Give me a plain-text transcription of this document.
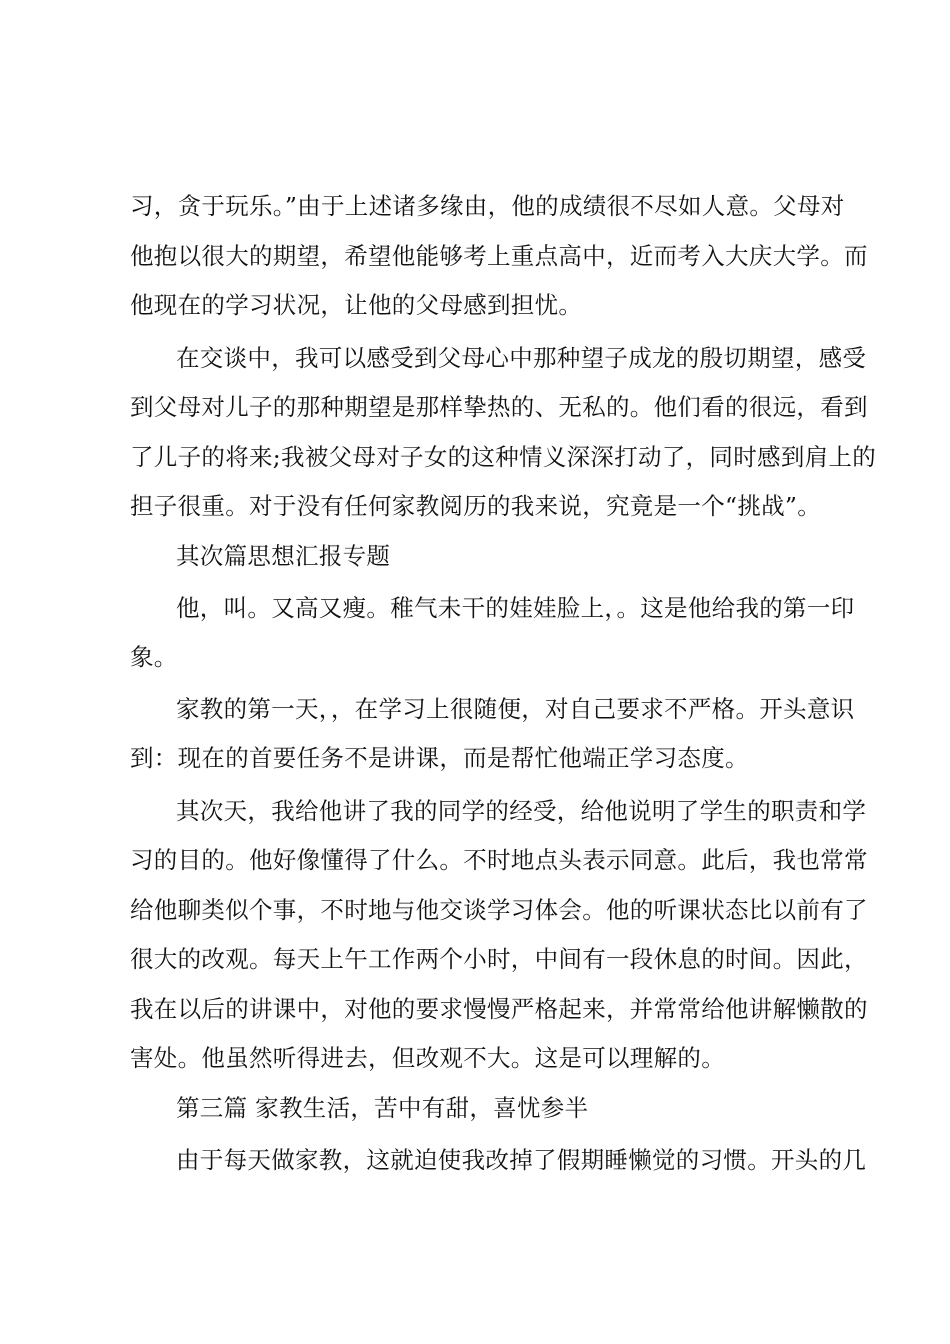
习，贪于玩乐。”由于上述诸多缘由，他的成绩很不尽如人意。父母对
他抱以很大的期望，希望他能够考上重点高中，近而考入大庆大学。而
他现在的学习状况，让他的父母感到担忧。
在交谈中，我可以感受到父母心中那种望子成龙的殷切期望，感受
到父母对儿子的那种期望是那样挚热的、无私的。他们看的很远，看到
了儿子的将来;我被父母对子女的这种情义深深打动了，同时感到肩上的
担子很重。对于没有任何家教阅历的我来说，究竟是一个“挑战”。
其次篇思想汇报专题
他，叫。又高又瘦。稚气未干的娃娃脸上，。这是他给我的第一印
象。
家教的第一天，，在学习上很随便，对自己要求不严格。开头意识
到：现在的首要任务不是讲课，而是帮忙他端正学习态度。
其次天，我给他讲了我的同学的经受，给他说明了学生的职责和学
习的目的。他好像懂得了什么。不时地点头表示同意。此后，我也常常
给他聊类似个事，不时地与他交谈学习体会。他的听课状态比以前有了
很大的改观。每天上午工作两个小时，中间有一段休息的时间。因此，
我在以后的讲课中，对他的要求慢慢严格起来，并常常给他讲解懒散的
害处。他虽然听得进去，但改观不大。这是可以理解的。
第三篇 家教生活，苦中有甜，喜忧参半
由于每天做家教，这就迫使我改掉了假期睡懒觉的习惯。开头的几
